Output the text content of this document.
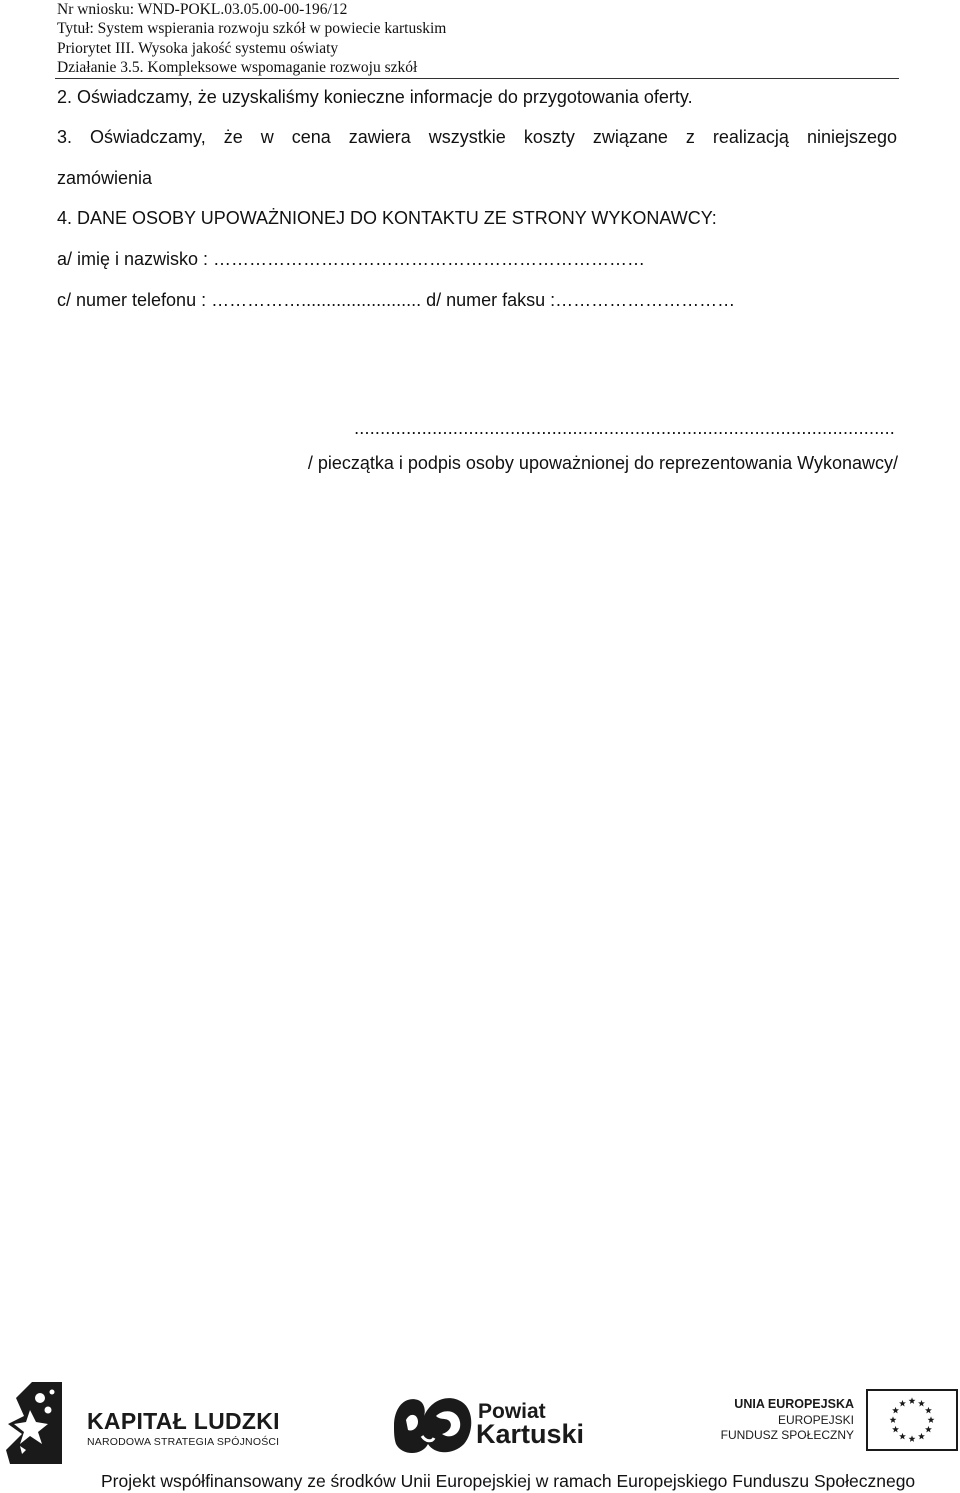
Nr wniosku: WND-POKL.03.05.00-00-196/12
Tytuł: System wspierania rozwoju szkół w powiecie kartuskim
Priorytet III. Wysoka jakość systemu oświaty
Działanie 3.5. Kompleksowe wspomaganie rozwoju szkół
2. Oświadczamy, że uzyskaliśmy konieczne informacje do przygotowania oferty.
3. Oświadczamy, że w cena zawiera wszystkie koszty związane z realizacją niniejszego
zamówienia
4. DANE OSOBY UPOWAŻNIONEJ DO KONTAKTU ZE STRONY WYKONAWCY:
a/ imię i nazwisko : ………………………………………………………………
c/ numer telefonu : ……………........................ d/ numer faksu :…………………………
........................................................................................................
/ pieczątka i podpis osoby upoważnionej do reprezentowania Wykonawcy/
KAPITAŁ LUDZKI
NARODOWA STRATEGIA SPÓJNOŚCI
Powiat
Kartuski
UNIA EUROPEJSKA
EUROPEJSKI
FUNDUSZ SPOŁECZNY
Projekt współfinansowany ze środków Unii Europejskiej w ramach Europejskiego Funduszu Społecznego
